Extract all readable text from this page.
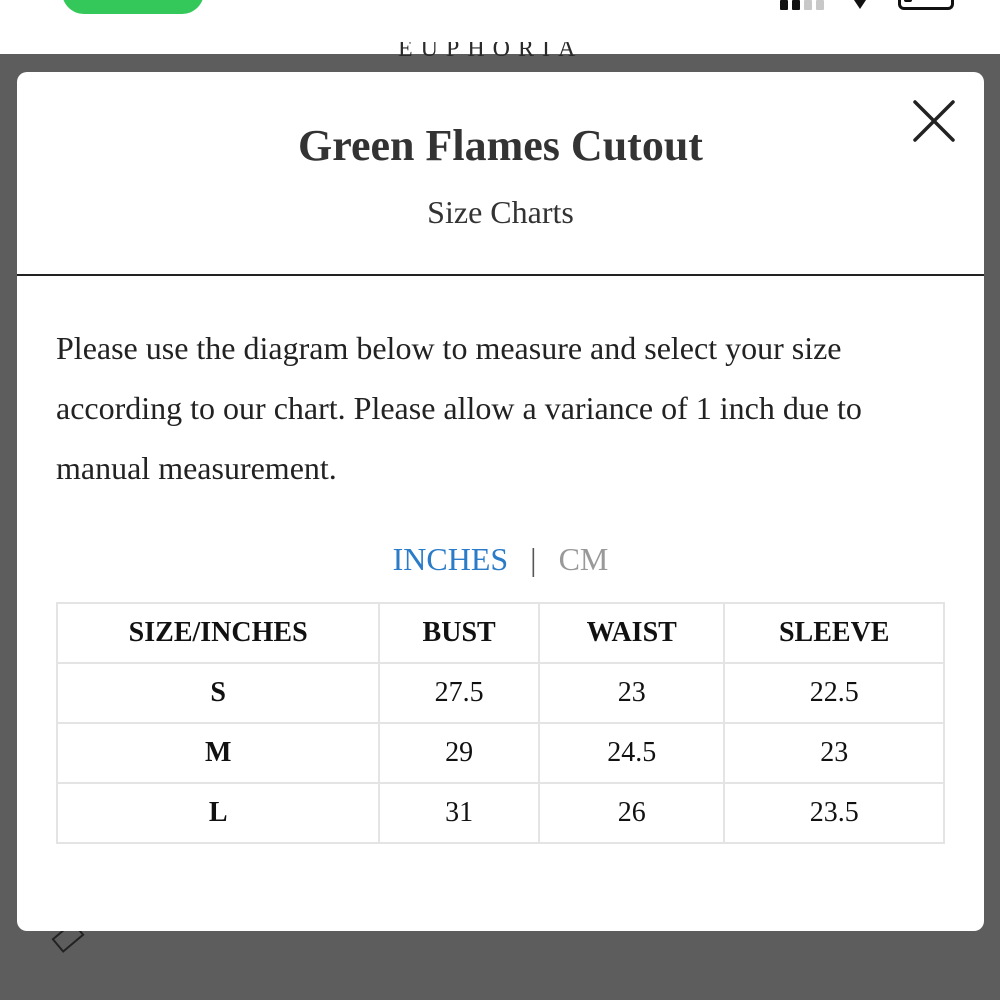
EUPHORIA
Green Flames Cutout
Size Charts
Please use the diagram below to measure and select your size according to our chart. Please allow a variance of 1 inch due to manual measurement.
INCHES | CM
SIZE/INCHES	BUST	WAIST	SLEEVE
S	27.5	23	22.5
M	29	24.5	23
L	31	26	23.5
